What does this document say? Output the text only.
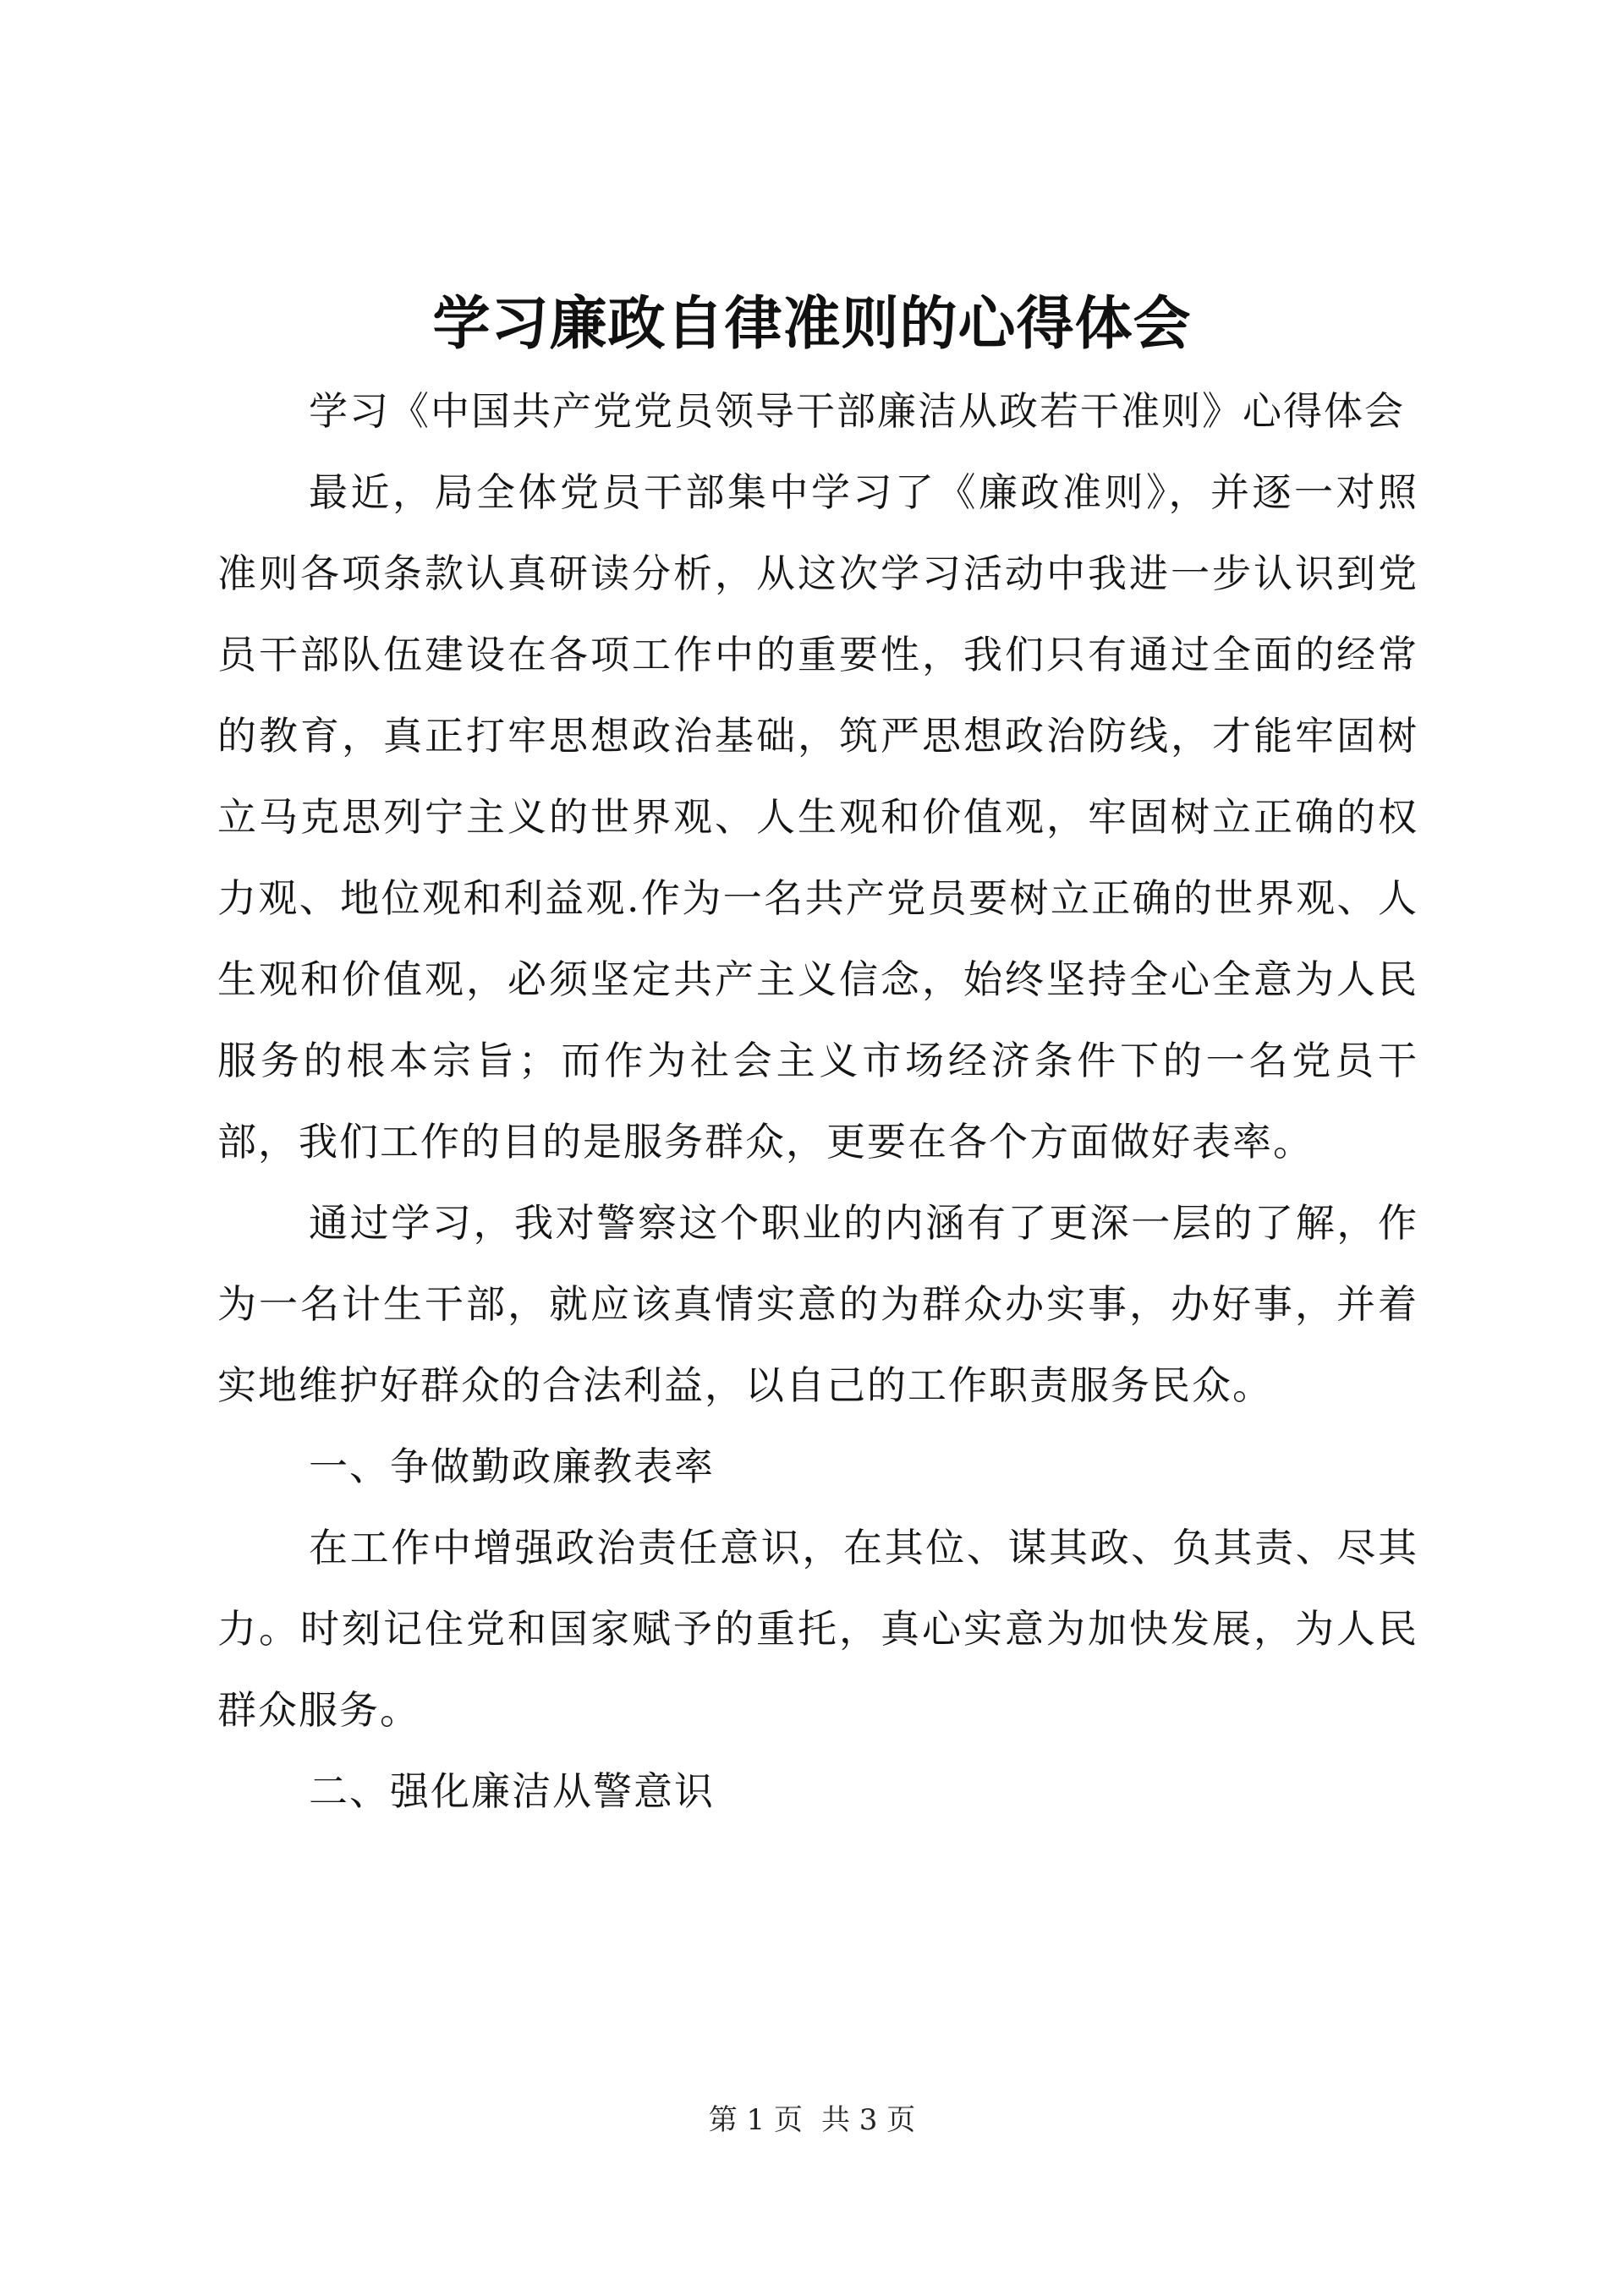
学习廉政自律准则的心得体会

学习《中国共产党党员领导干部廉洁从政若干准则》心得体会

最近，局全体党员干部集中学习了《廉政准则》，并逐一对照准则各项条款认真研读分析，从这次学习活动中我进一步认识到党员干部队伍建设在各项工作中的重要性，我们只有通过全面的经常的教育，真正打牢思想政治基础，筑严思想政治防线，才能牢固树立马克思列宁主义的世界观、人生观和价值观，牢固树立正确的权力观、地位观和利益观.作为一名共产党员要树立正确的世界观、人生观和价值观，必须坚定共产主义信念，始终坚持全心全意为人民服务的根本宗旨；而作为社会主义市场经济条件下的一名党员干部，我们工作的目的是服务群众，更要在各个方面做好表率。

通过学习，我对警察这个职业的内涵有了更深一层的了解，作为一名计生干部，就应该真情实意的为群众办实事，办好事，并着实地维护好群众的合法利益，以自己的工作职责服务民众。

一、争做勤政廉教表率

在工作中增强政治责任意识，在其位、谋其政、负其责、尽其力。时刻记住党和国家赋予的重托，真心实意为加快发展，为人民群众服务。

二、强化廉洁从警意识

第 1 页 共 3 页
